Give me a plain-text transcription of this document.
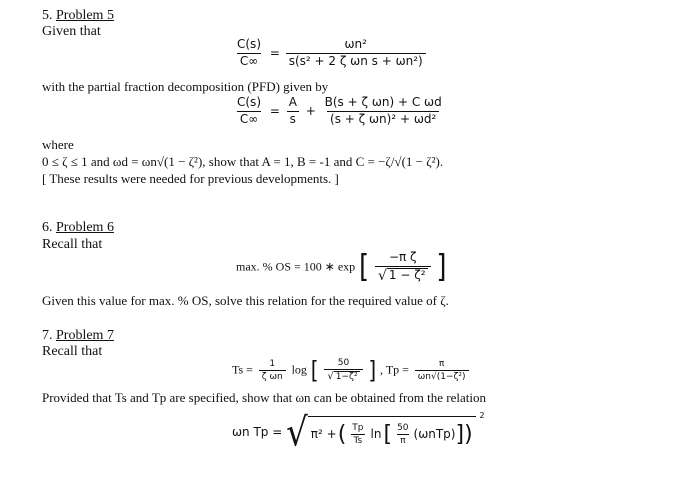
5. Problem 5
Given that
$\frac{C(s)}{C\infty} = \frac{\text{ωn²}}{\text{s(s² + 2 ζ ωn s + ωn²)}}$
with the partial fraction decomposition (PFD) given by
$\frac{C(s)}{C\infty} = \frac{A}{s} + \frac{\text{B(s + ζ ωn) + C ωd}}{\text{(s + ζ ωn)² + ωd²}}$
where
0 ≤ ζ ≤ 1 and ωd = ωn√(1 − ζ²), show that A = 1, B = -1 and C = −ζ/√(1 − ζ²).
[ These results were needed for previous developments. ]
6. Problem 6
Recall that
max. % OS = 100 ∗ exp [ $\frac{\text{−π ζ}}{\text{√ 1 − ζ²}}$ ]
Given this value for max. % OS, solve this relation for the required value of ζ.
7. Problem 7
Recall that
$Ts = \frac{1}{\text{ζ ωn}}$ log [ $\frac{50}{\text{√ 1−ζ²}}$ ] , $Tp = \frac{\pi}{\text{ωn√(1−ζ²)}}$
Provided that Ts and Tp are specified, show that ωn can be obtained from the relation
ωn Tp = √ π² + ( $\frac{Tp}{Ts}$ ln [ $\frac{50}{\pi} (\omega nTp)$ ])
$^2$
